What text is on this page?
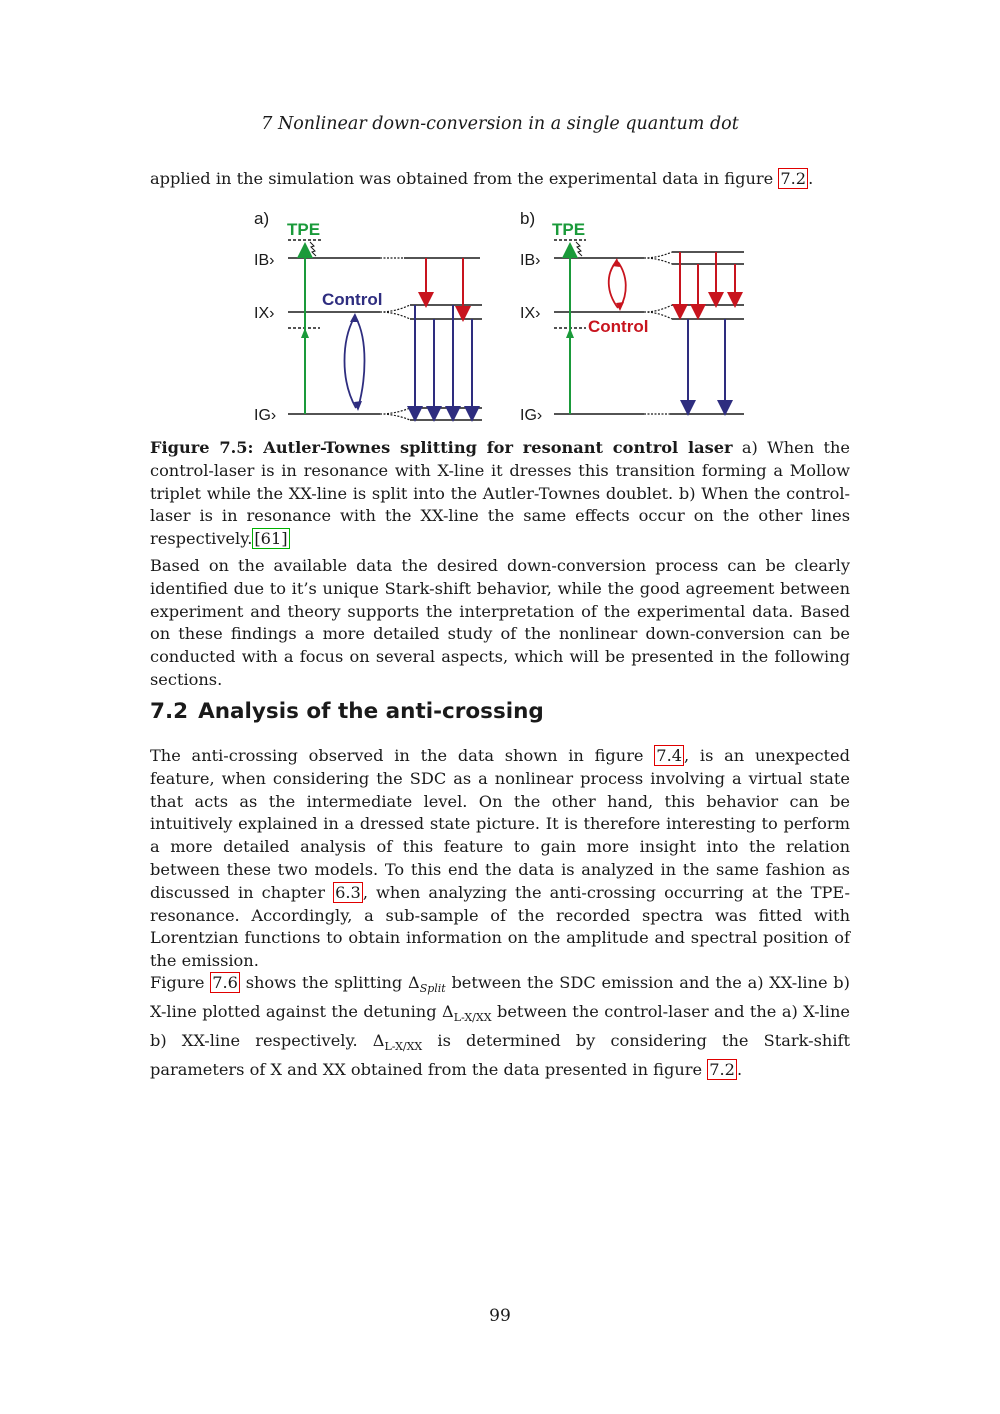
7 Nonlinear down-conversion in a single quantum dot

applied in the simulation was obtained from the experimental data in figure 7.2 .

a)
TPE
IB›
IX›
IG›
Control
b)
TPE
IB›
IX›
IG›
Control

Figure 7.5: Autler-Townes splitting for resonant control laser a) When the control-laser is in resonance with X-line it dresses this transition forming a Mollow triplet while the XX-line is split into the Autler-Townes doublet. b) When the control-laser is in resonance with the XX-line the same effects occur on the other lines respectively. [61]

Based on the available data the desired down-conversion process can be clearly identified due to it’s unique Stark-shift behavior, while the good agreement between experiment and theory supports the interpretation of the experimental data. Based on these findings a more detailed study of the nonlinear down-conversion can be conducted with a focus on several aspects, which will be presented in the following sections.

7.2 Analysis of the anti-crossing

The anti-crossing observed in the data shown in figure 7.4 , is an unexpected feature, when considering the SDC as a nonlinear process involving a virtual state that acts as the intermediate level. On the other hand, this behavior can be intuitively explained in a dressed state picture. It is therefore interesting to perform a more detailed analysis of this feature to gain more insight into the relation between these two models. To this end the data is analyzed in the same fashion as discussed in chapter 6.3 , when analyzing the anti-crossing occurring at the TPE-resonance. Accordingly, a sub-sample of the recorded spectra was fitted with Lorentzian functions to obtain information on the amplitude and spectral position of the emission.

Figure 7.6 shows the splitting $\Delta_{Split}$ between the SDC emission and the a) XX-line b) X-line plotted against the detuning $\Delta_{L-X/XX}$ between the control-laser and the a) X-line b) XX-line respectively. $\Delta_{L-X/XX}$ is determined by considering the Stark-shift parameters of X and XX obtained from the data presented in figure 7.2 .

99
